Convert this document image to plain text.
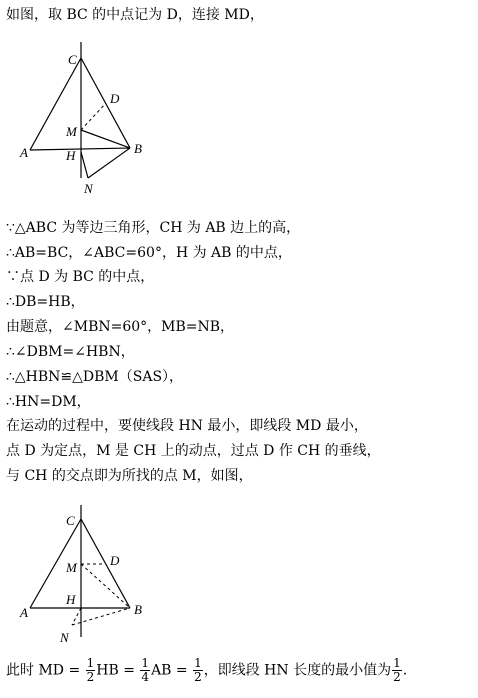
如图，取 BC 的中点记为 D，连接 MD，
C
D
M
A	H	B
N
∵△ABC 为等边三角形，CH 为 AB 边上的高，
∴AB=BC，∠ABC=60°，H 为 AB 的中点，
∵点 D 为 BC 的中点，
∴DB=HB，
由题意，∠MBN=60°，MB=NB，
∴∠DBM=∠HBN，
∴△HBN≌△DBM（SAS），
∴HN=DM，
在运动的过程中，要使线段 HN 最小，即线段 MD 最小，
点 D 为定点，M 是 CH 上的动点，过点 D 作 CH 的垂线，
与 CH 的交点即为所找的点 M，如图，
C
D
M
A
H
B
N
此时 MD = $\frac{1}{2}$ HB = $\frac{1}{4}$ AB = $\frac{1}{2}$ ，即线段 HN 长度的最小值为 $\frac{1}{2}$ .
